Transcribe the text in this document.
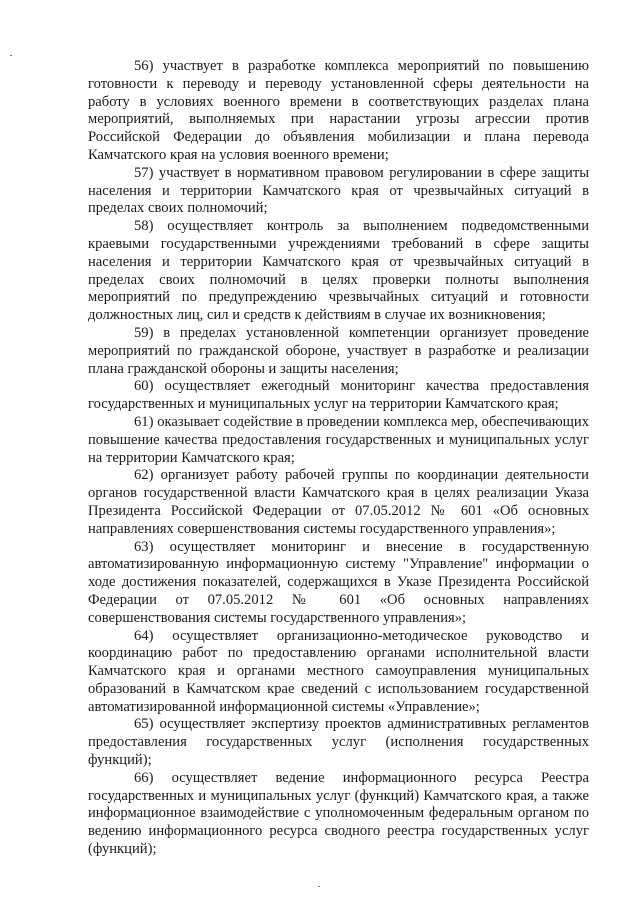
56) участвует в разработке комплекса мероприятий по повышению готовности к переводу и переводу установленной сферы деятельности на работу в условиях военного времени в соответствующих разделах плана мероприятий, выполняемых при нарастании угрозы агрессии против Российской Федерации до объявления мобилизации и плана перевода Камчатского края на условия военного времени;

57) участвует в нормативном правовом регулировании в сфере защиты населения и территории Камчатского края от чрезвычайных ситуаций в пределах своих полномочий;

58) осуществляет контроль за выполнением подведомственными краевыми государственными учреждениями требований в сфере защиты населения и территории Камчатского края от чрезвычайных ситуаций в пределах своих полномочий в целях проверки полноты выполнения мероприятий по предупреждению чрезвычайных ситуаций и готовности должностных лиц, сил и средств к действиям в случае их возникновения;

59) в пределах установленной компетенции организует проведение мероприятий по гражданской обороне, участвует в разработке и реализации плана гражданской обороны и защиты населения;

60) осуществляет ежегодный мониторинг качества предоставления государственных и муниципальных услуг на территории Камчатского края;

61) оказывает содействие в проведении комплекса мер, обеспечивающих повышение качества предоставления государственных и муниципальных услуг на территории Камчатского края;

62) организует работу рабочей группы по координации деятельности органов государственной власти Камчатского края в целях реализации Указа Президента Российской Федерации от 07.05.2012 № 601 «Об основных направлениях совершенствования системы государственного управления»;

63) осуществляет мониторинг и внесение в государственную автоматизированную информационную систему "Управление" информации о ходе достижения показателей, содержащихся в Указе Президента Российской Федерации от 07.05.2012 № 601 «Об основных направлениях совершенствования системы государственного управления»;

64) осуществляет организационно-методическое руководство и координацию работ по предоставлению органами исполнительной власти Камчатского края и органами местного самоуправления муниципальных образований в Камчатском крае сведений с использованием государственной автоматизированной информационной системы «Управление»;

65) осуществляет экспертизу проектов административных регламентов предоставления государственных услуг (исполнения государственных функций);

66) осуществляет ведение информационного ресурса Реестра государственных и муниципальных услуг (функций) Камчатского края, а также информационное взаимодействие с уполномоченным федеральным органом по ведению информационного ресурса сводного реестра государственных услуг (функций);
